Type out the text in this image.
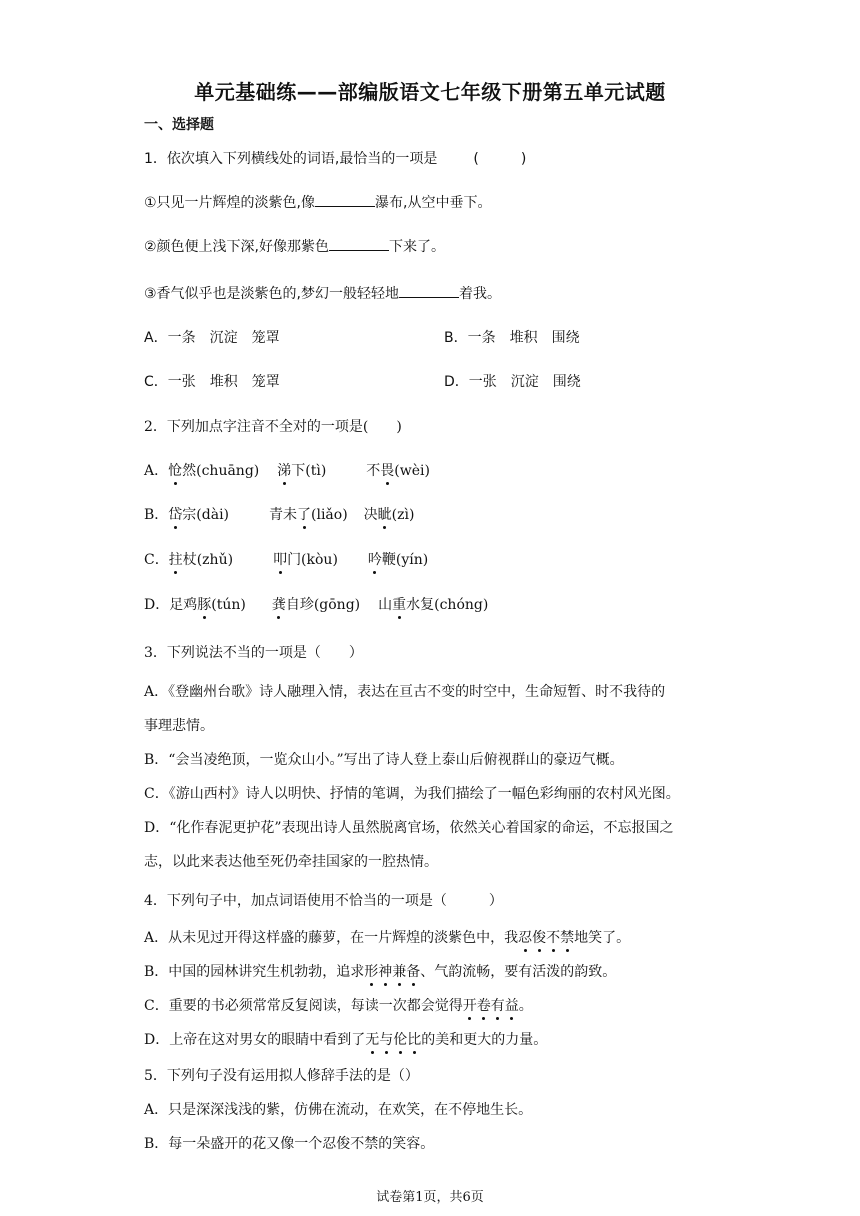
单元基础练——部编版语文七年级下册第五单元试题
一、选择题
1．依次填入下列横线处的词语,最恰当的一项是	(　　　)
①只见一片辉煌的淡紫色,像	瀑布,从空中垂下。
②颜色便上浅下深,好像那紫色	下来了。
③香气似乎也是淡紫色的,梦幻一般轻轻地	着我。
A．一条　沉淀　笼罩	B．一条　堆积　围绕
C．一张　堆积　笼罩	D．一张　沉淀　围绕
2．下列加点字注音不全对的一项是(　　)
A．怆然(chuāng) 涕下(tì)	不畏(wèi)
B．岱宗(dài)	青未了(liǎo) 决眦(zì)
C．拄杖(zhǔ)	叩门(kòu) 吟鞭(yín)
D．足鸡豚(tún) 龚自珍(gōng) 山重水复(chóng)
3．下列说法不当的一项是（　　）
A．《登幽州台歌》诗人融理入情，表达在亘古不变的时空中，生命短暂、时不我待的
事理悲情。
B．“会当凌绝顶，一览众山小。”写出了诗人登上泰山后俯视群山的豪迈气概。
C．《游山西村》诗人以明快、抒情的笔调，为我们描绘了一幅色彩绚丽的农村风光图。
D．“化作春泥更护花”表现出诗人虽然脱离官场，依然关心着国家的命运，不忘报国之
志，以此来表达他至死仍牵挂国家的一腔热情。
4．下列句子中，加点词语使用不恰当的一项是（　　　）
A．从未见过开得这样盛的藤萝，在一片辉煌的淡紫色中，我忍俊不禁地笑了。
B．中国的园林讲究生机勃勃，追求形神兼备、气韵流畅，要有活泼的韵致。
C．重要的书必须常常反复阅读，每读一次都会觉得开卷有益。
D．上帝在这对男女的眼睛中看到了无与伦比的美和更大的力量。
5．下列句子没有运用拟人修辞手法的是（）
A．只是深深浅浅的紫，仿佛在流动，在欢笑，在不停地生长。
B．每一朵盛开的花又像一个忍俊不禁的笑容。
试卷第1页，共6页
